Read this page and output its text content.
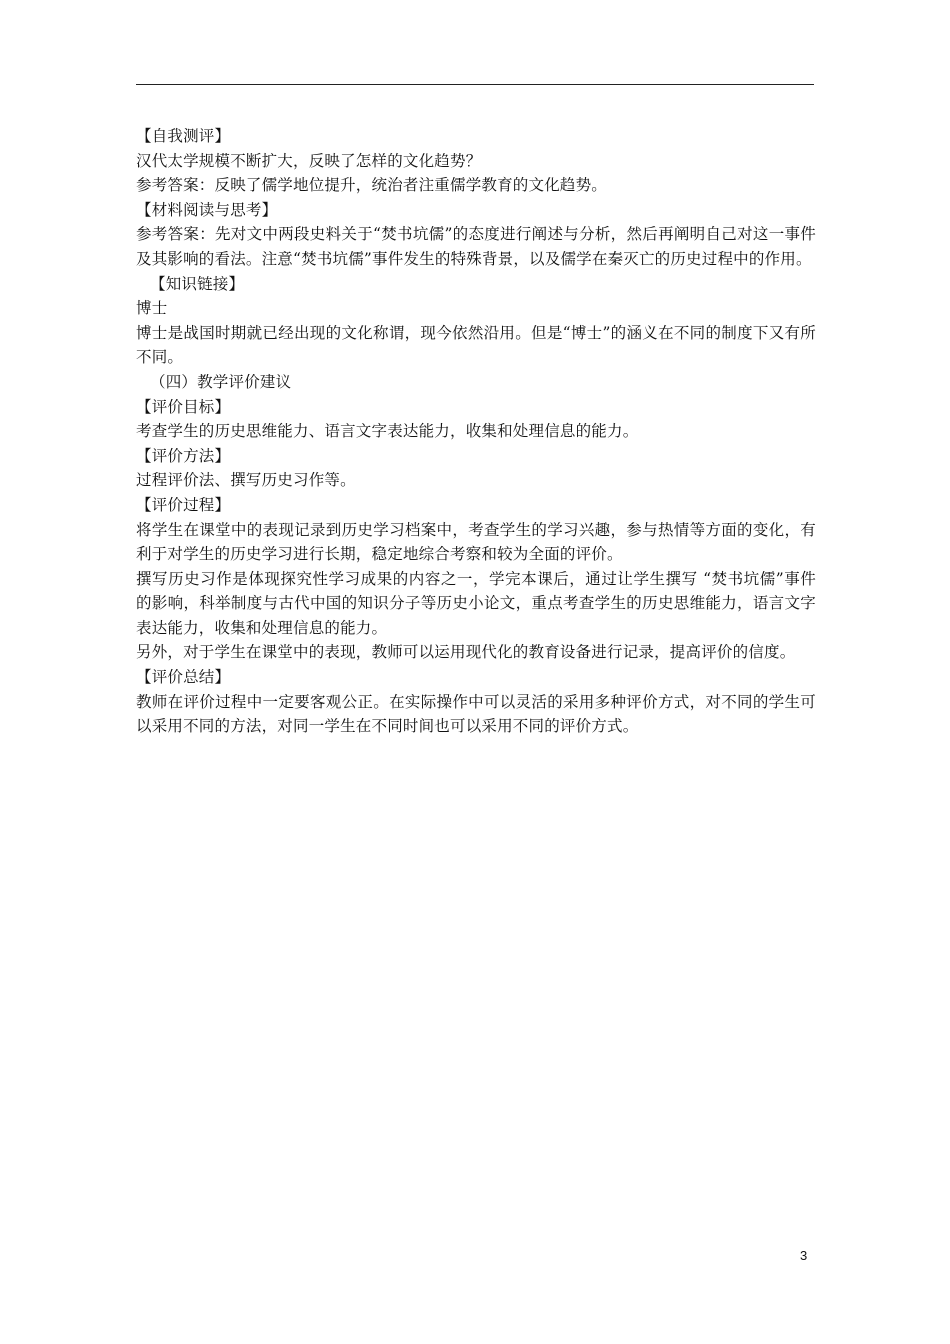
【自我测评】

汉代太学规模不断扩大，反映了怎样的文化趋势？

参考答案：反映了儒学地位提升，统治者注重儒学教育的文化趋势。

【材料阅读与思考】

参考答案：先对文中两段史料关于“焚书坑儒”的态度进行阐述与分析，然后再阐明自己对这一事件及其影响的看法。注意“焚书坑儒”事件发生的特殊背景，以及儒学在秦灭亡的历史过程中的作用。

【知识链接】

博士

博士是战国时期就已经出现的文化称谓，现今依然沿用。但是“博士”的涵义在不同的制度下又有所不同。

（四）教学评价建议

【评价目标】

考查学生的历史思维能力、语言文字表达能力，收集和处理信息的能力。

【评价方法】

过程评价法、撰写历史习作等。

【评价过程】

将学生在课堂中的表现记录到历史学习档案中，考查学生的学习兴趣，参与热情等方面的变化，有利于对学生的历史学习进行长期，稳定地综合考察和较为全面的评价。

撰写历史习作是体现探究性学习成果的内容之一，学完本课后，通过让学生撰写 “焚书坑儒”事件的影响，科举制度与古代中国的知识分子等历史小论文，重点考查学生的历史思维能力，语言文字表达能力，收集和处理信息的能力。

另外，对于学生在课堂中的表现，教师可以运用现代化的教育设备进行记录，提高评价的信度。

【评价总结】

教师在评价过程中一定要客观公正。在实际操作中可以灵活的采用多种评价方式，对不同的学生可以采用不同的方法，对同一学生在不同时间也可以采用不同的评价方式。

3
